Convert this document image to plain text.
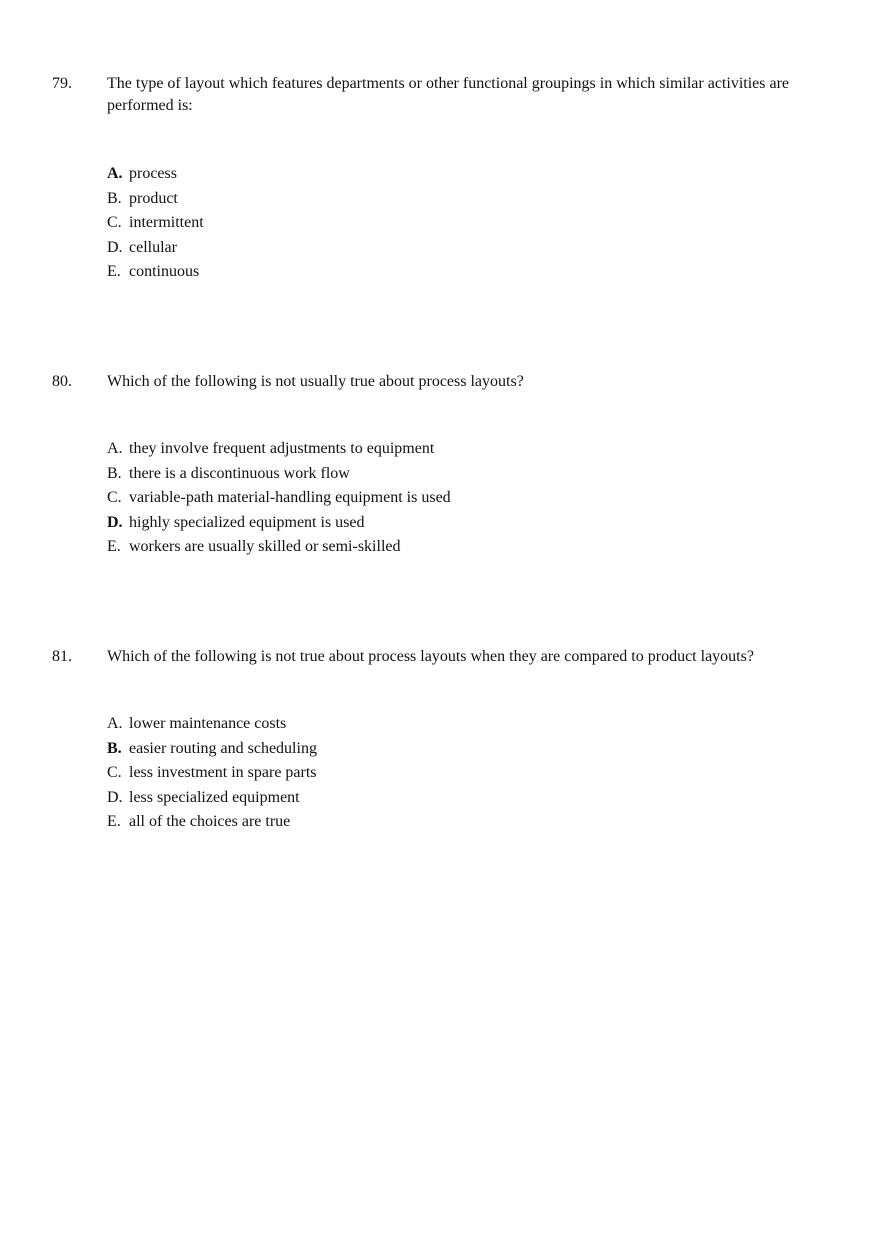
79. The type of layout which features departments or other functional groupings in which similar activities are performed is:
A. process
B. product
C. intermittent
D. cellular
E. continuous
80. Which of the following is not usually true about process layouts?
A. they involve frequent adjustments to equipment
B. there is a discontinuous work flow
C. variable-path material-handling equipment is used
D. highly specialized equipment is used
E. workers are usually skilled or semi-skilled
81. Which of the following is not true about process layouts when they are compared to product layouts?
A. lower maintenance costs
B. easier routing and scheduling
C. less investment in spare parts
D. less specialized equipment
E. all of the choices are true
